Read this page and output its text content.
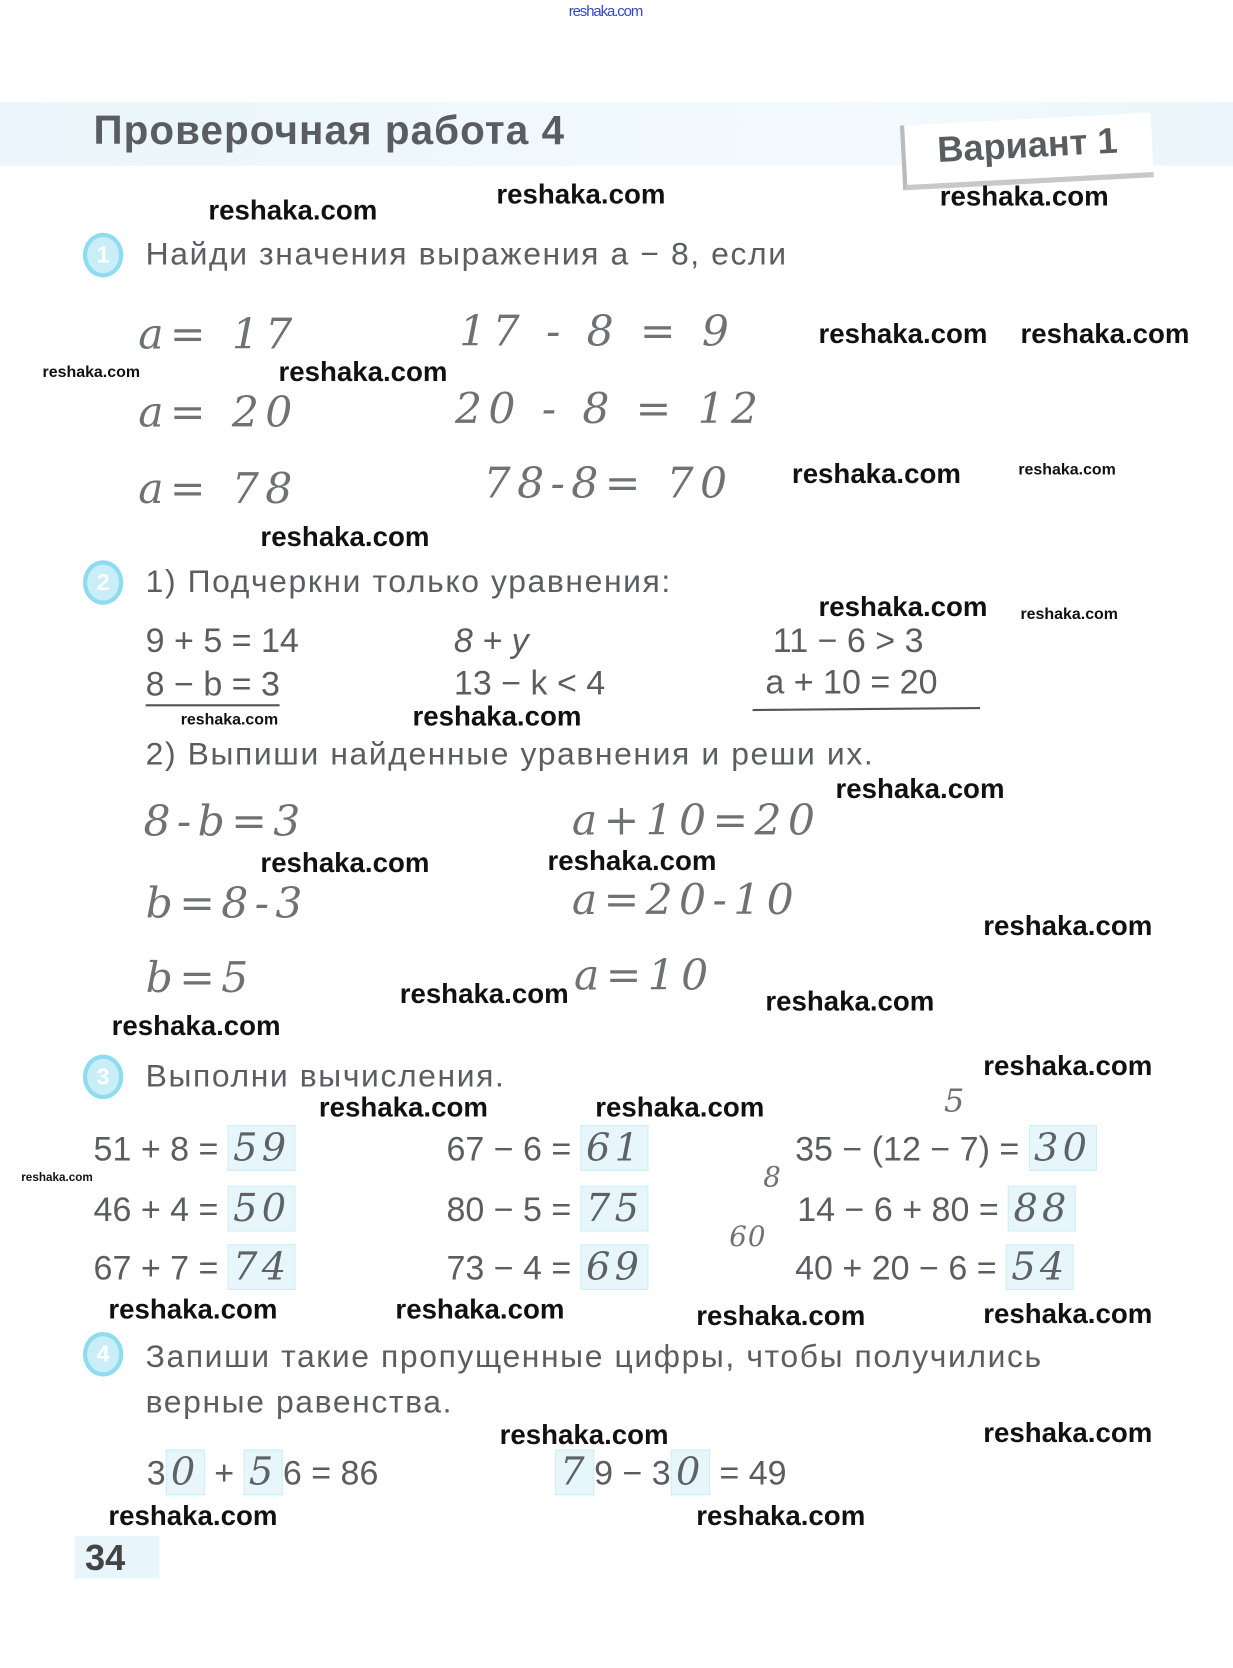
reshaka.com
Проверочная работа 4	Вариант 1
1	Найди значения выражения a − 8, если
a= 17	17 - 8 = 9
a= 20	20 - 8 = 12
a= 78	78-8= 70
2	1) Подчеркни только уравнения:
9 + 5 = 14	8 + y	11 − 6 > 3
8 − b = 3	13 − k < 4	a + 10 = 20
2) Выпиши найденные уравнения и реши их.
8-b=3
b=8-3
b=5
a+10=20
a=20-10
a=10
3	Выполни вычисления.
51 + 8 = 59	67 − 6 = 61	35 − (12 − 7) = 30
46 + 4 = 50	80 − 5 = 75	14 − 6 + 80 = 88
67 + 7 = 74	73 − 4 = 69	40 + 20 − 6 = 54
5
8
60
4	Запиши такие пропущенные цифры, чтобы получились
верные равенства.
3 0 + 5 6 = 86	7 9 − 3 0 = 49
34
reshaka.com	reshaka.com
reshaka.com
reshaka.com reshaka.com
reshaka.com	reshaka.com
reshaka.com	reshaka.com
reshaka.com
reshaka.com reshaka.com
reshaka.com	reshaka.com
reshaka.com
reshaka.com	reshaka.com
reshaka.com
reshaka.com	reshaka.com
reshaka.com
reshaka.com
reshaka.com
reshaka.com	reshaka.com
reshaka.com	reshaka.com	reshaka.com	reshaka.com
reshaka.com
reshaka.com
reshaka.com	reshaka.com
